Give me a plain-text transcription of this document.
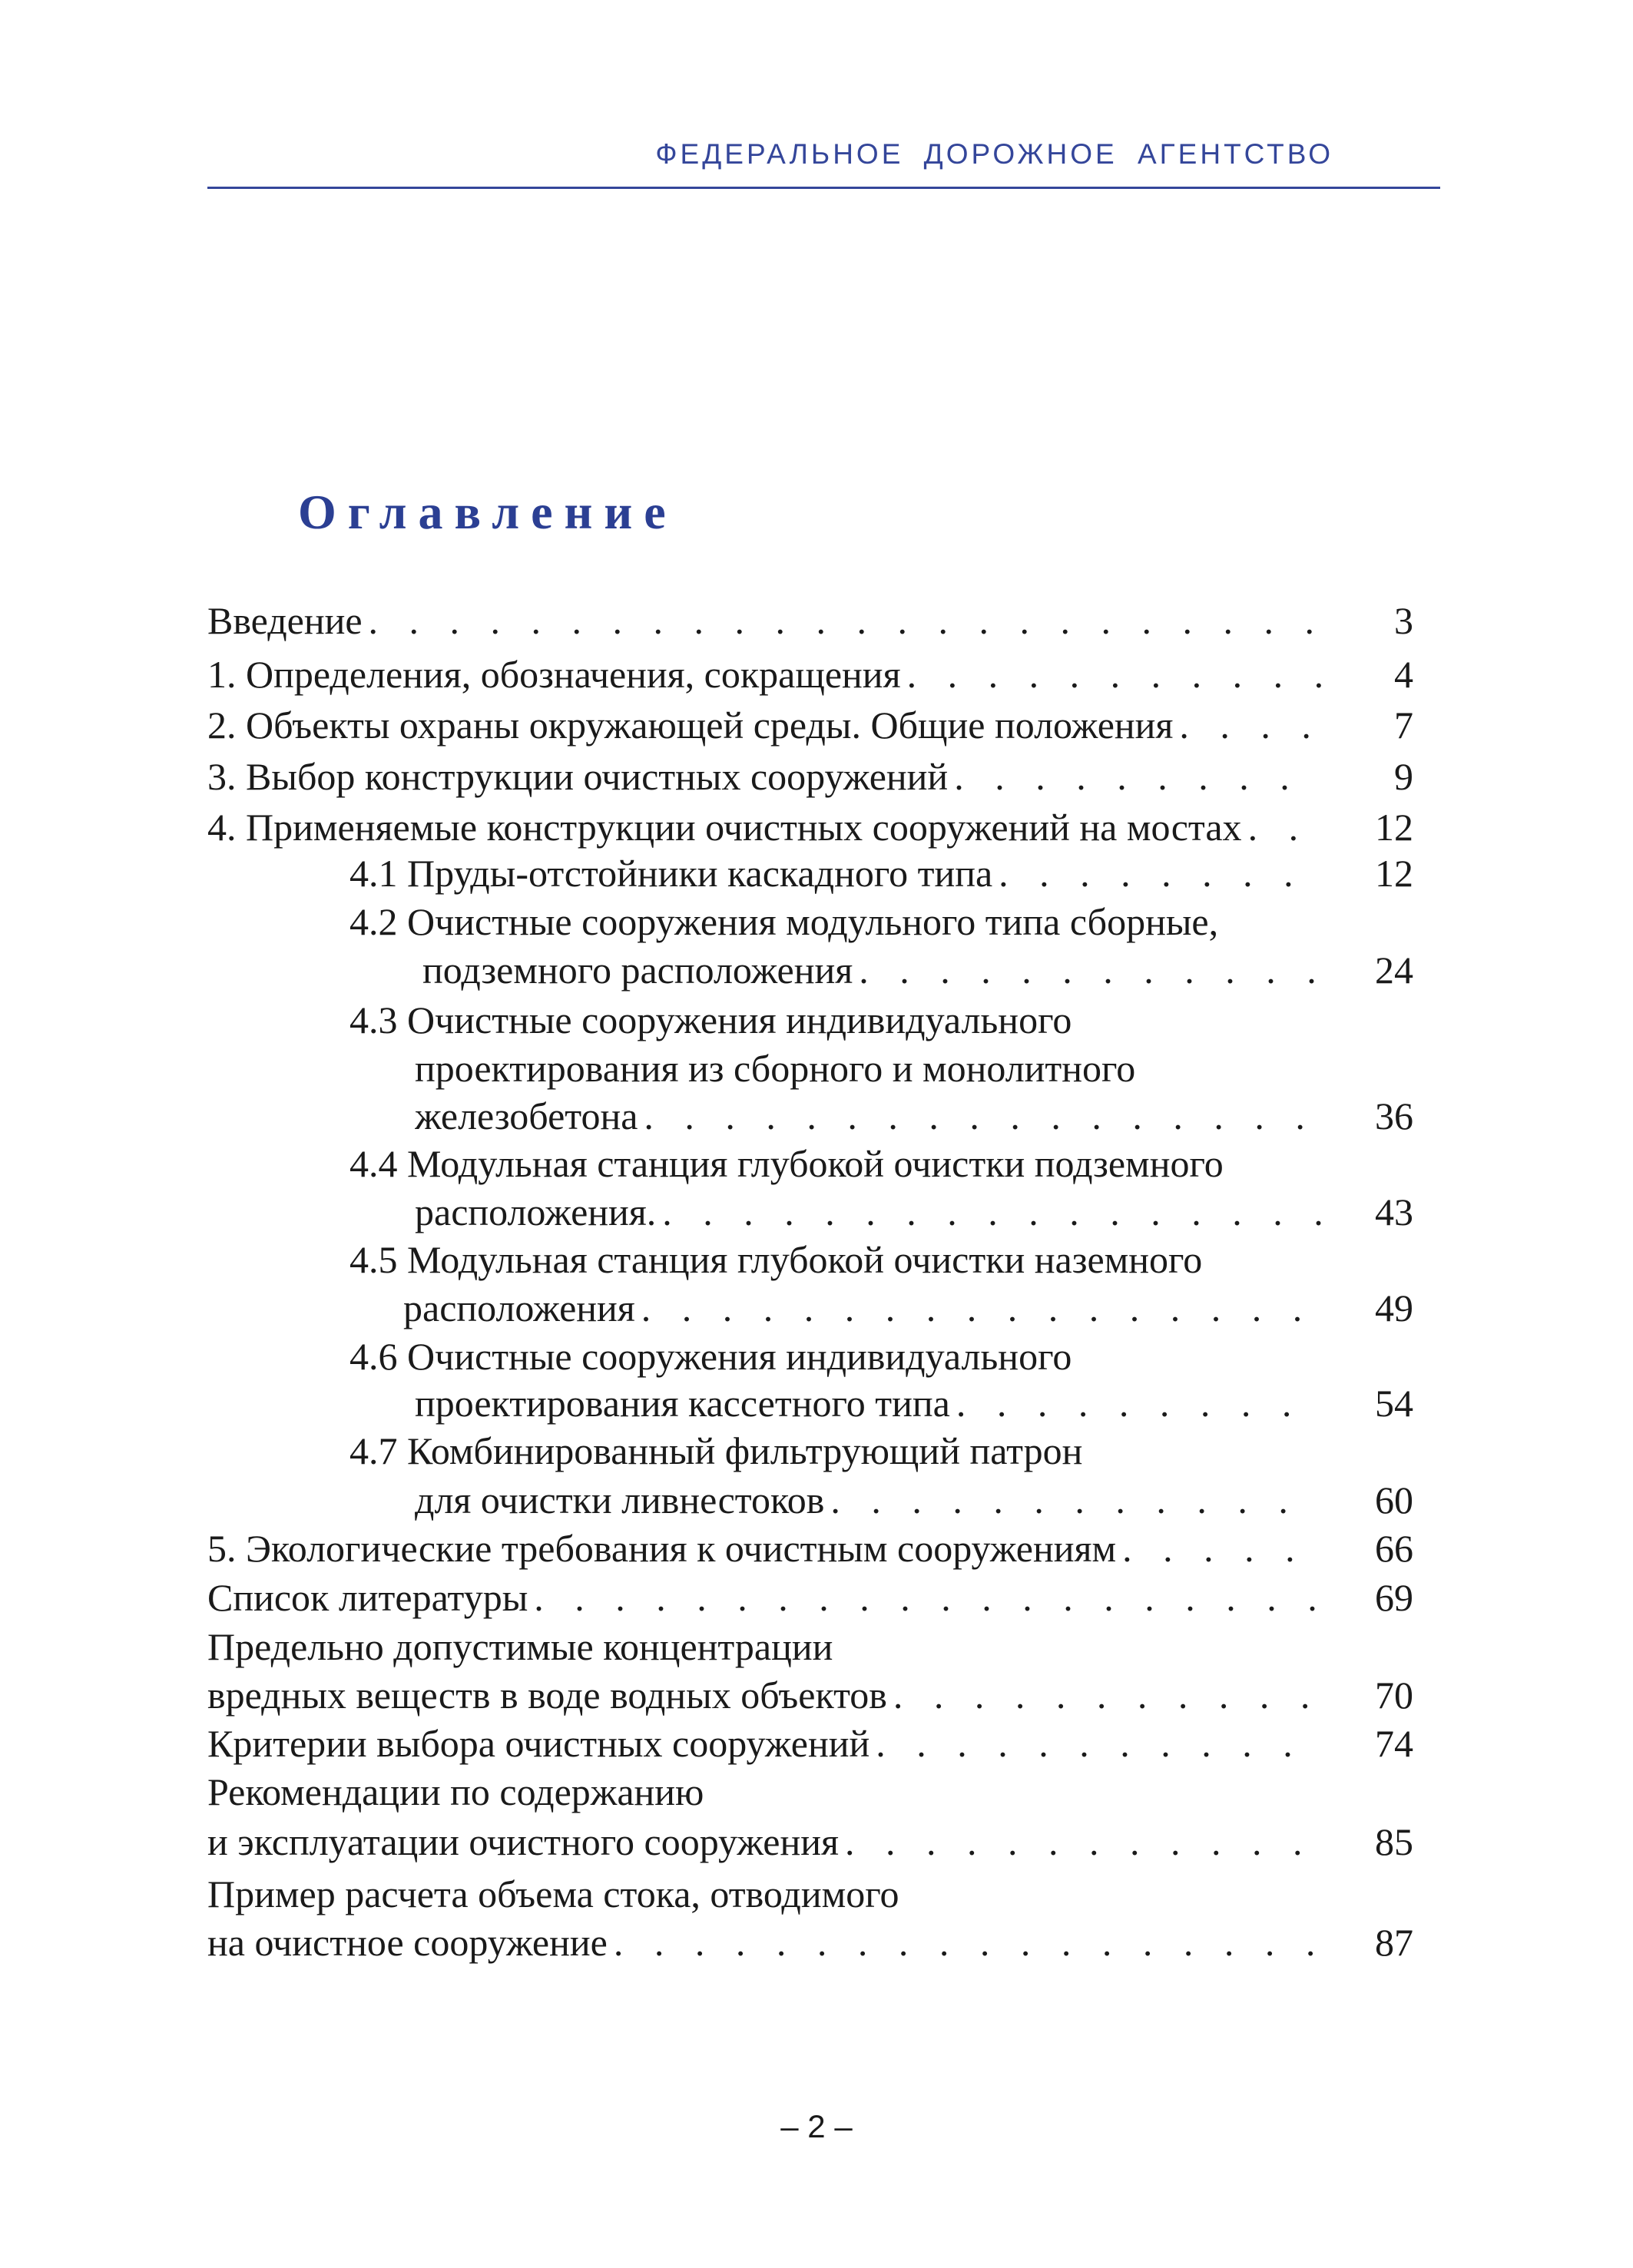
ФЕДЕРАЛЬНОЕ ДОРОЖНОЕ АГЕНТСТВО
Оглавление
Введение . . .	3
1. Определения, обозначения, сокращения . . .	4
2. Объекты охраны окружающей среды. Общие положения . . .	7
3. Выбор конструкции очистных сооружений . . .	9
4. Применяемые конструкции очистных сооружений на мостах . . .	12
4.1 Пруды-отстойники каскадного типа . . .	12
4.2 Очистные сооружения модульного типа сборные,
подземного расположения . . .	24
4.3 Очистные сооружения индивидуального
проектирования из сборного и монолитного
железобетона . . .	36
4.4 Модульная станция глубокой очистки подземного
расположения. . . .	43
4.5 Модульная станция глубокой очистки наземного
расположения . . .	49
4.6 Очистные сооружения индивидуального
проектирования кассетного типа . . .	54
4.7 Комбинированный фильтрующий патрон
для очистки ливнестоков . . .	60
5. Экологические требования к очистным сооружениям . . .	66
Список литературы . . .	69
Предельно допустимые концентрации
вредных веществ в воде водных объектов . . .	70
Критерии выбора очистных сооружений . . .	74
Рекомендации по содержанию
и эксплуатации очистного сооружения . . .	85
Пример расчета объема стока, отводимого
на очистное сооружение . . .	87
– 2 –
